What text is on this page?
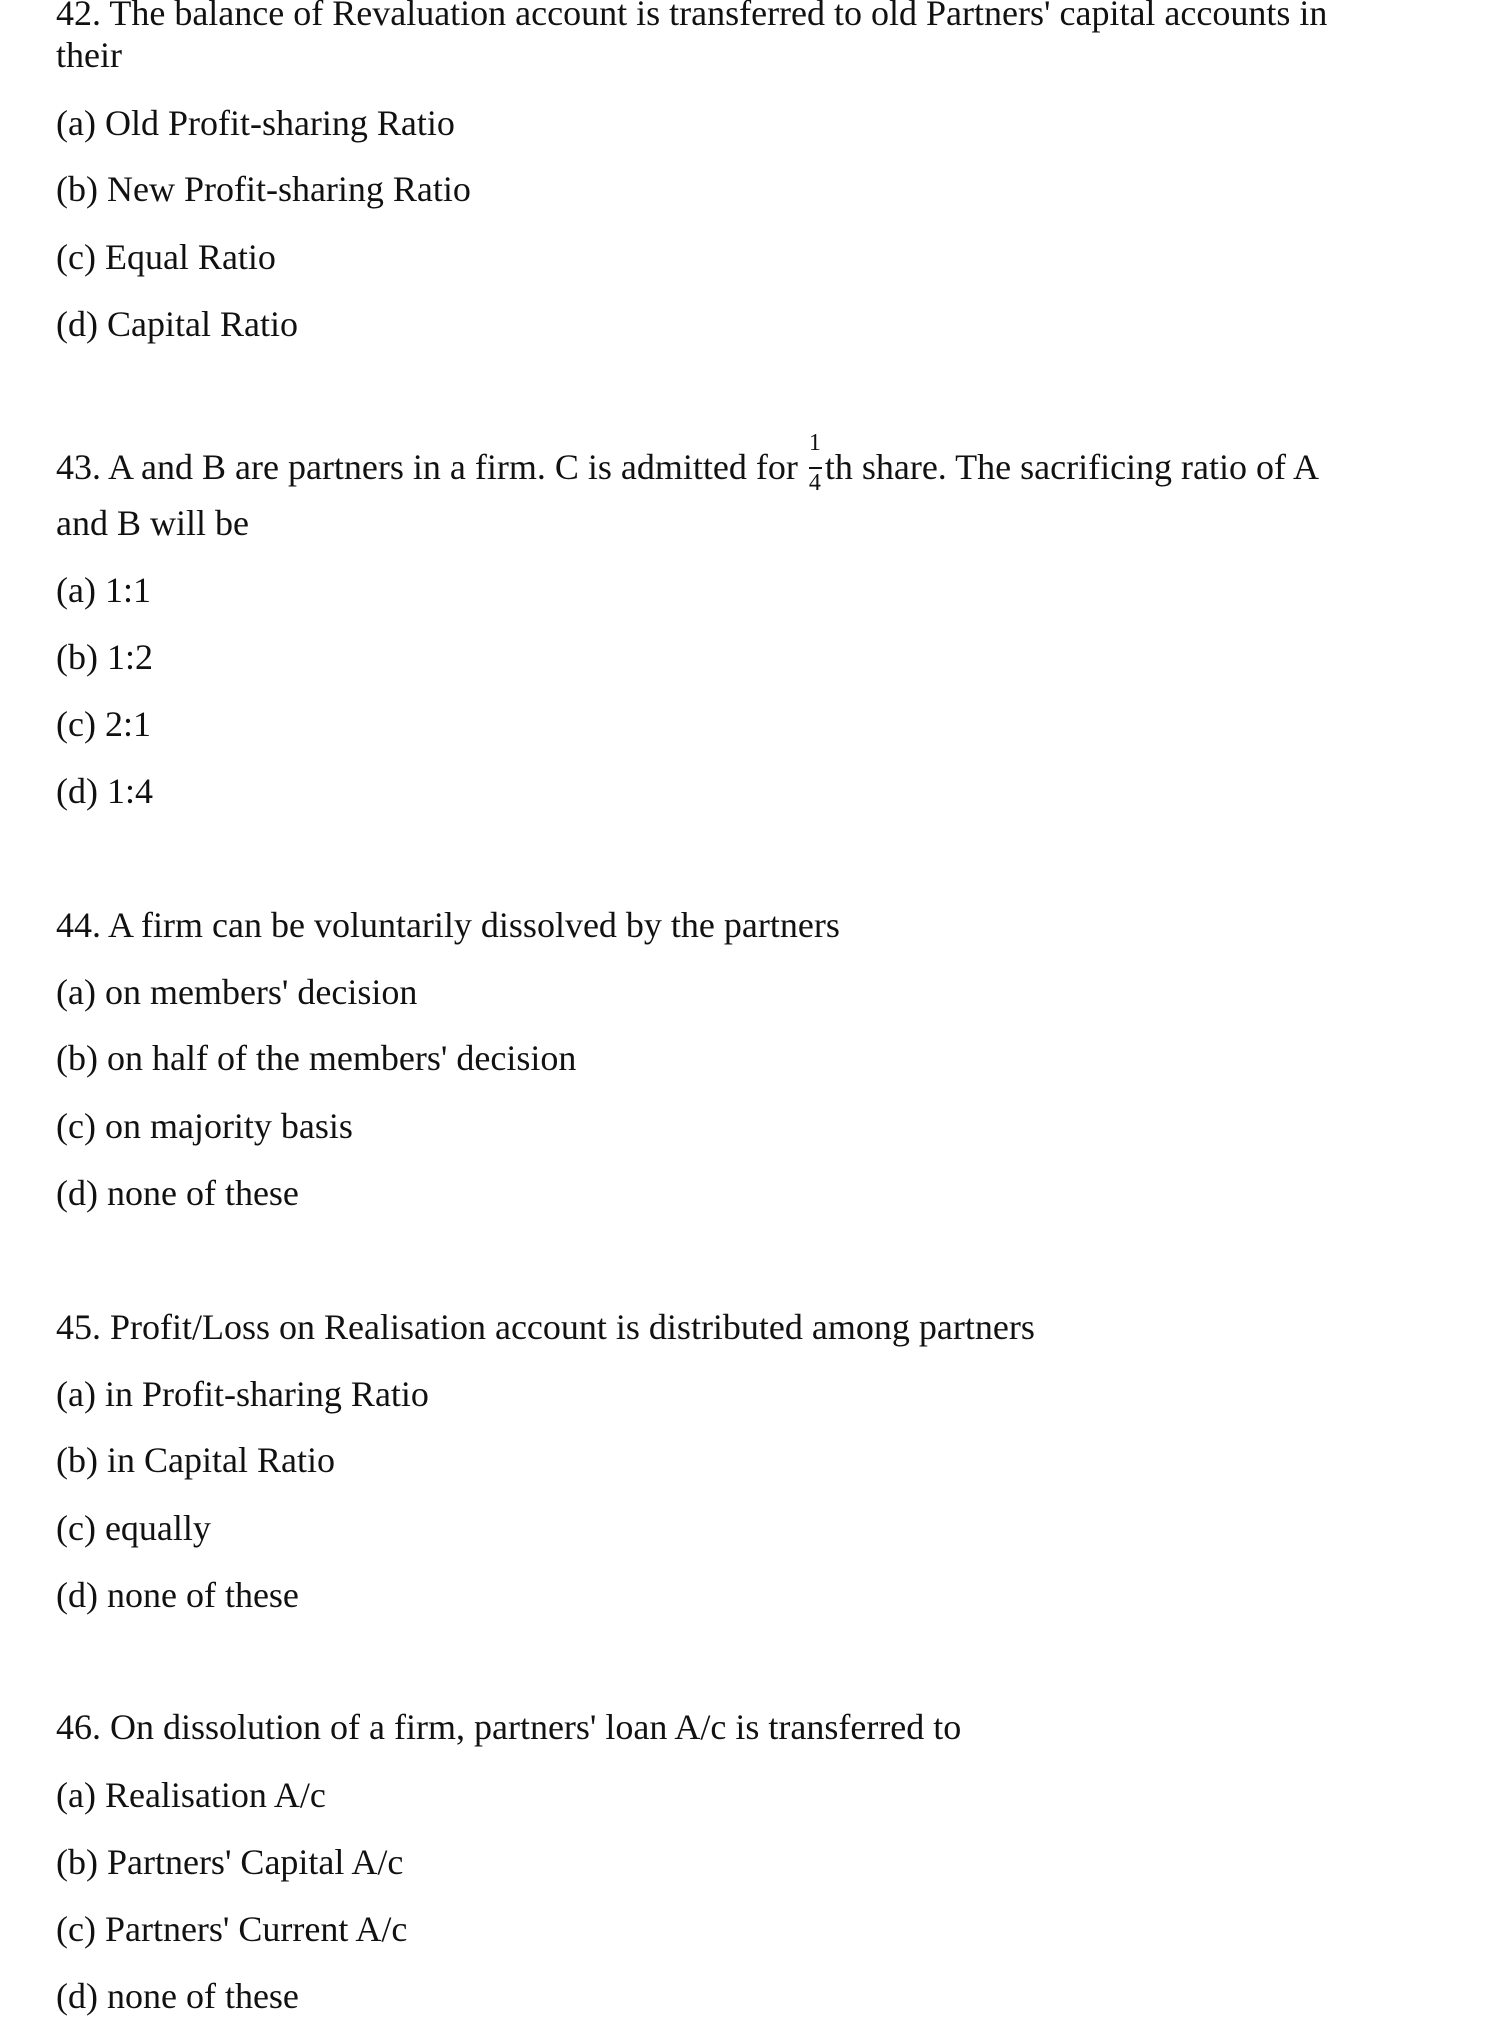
42. The balance of Revaluation account is transferred to old Partners' capital accounts in
their
(a) Old Profit-sharing Ratio
(b) New Profit-sharing Ratio
(c) Equal Ratio
(d) Capital Ratio
43. A and B are partners in a firm. C is admitted for $\frac{1}{4}$ th share. The sacrificing ratio of A
and B will be
(a) 1:1
(b) 1:2
(c) 2:1
(d) 1:4
44. A firm can be voluntarily dissolved by the partners
(a) on members' decision
(b) on half of the members' decision
(c) on majority basis
(d) none of these
45. Profit/Loss on Realisation account is distributed among partners
(a) in Profit-sharing Ratio
(b) in Capital Ratio
(c) equally
(d) none of these
46. On dissolution of a firm, partners' loan A/c is transferred to
(a) Realisation A/c
(b) Partners' Capital A/c
(c) Partners' Current A/c
(d) none of these
